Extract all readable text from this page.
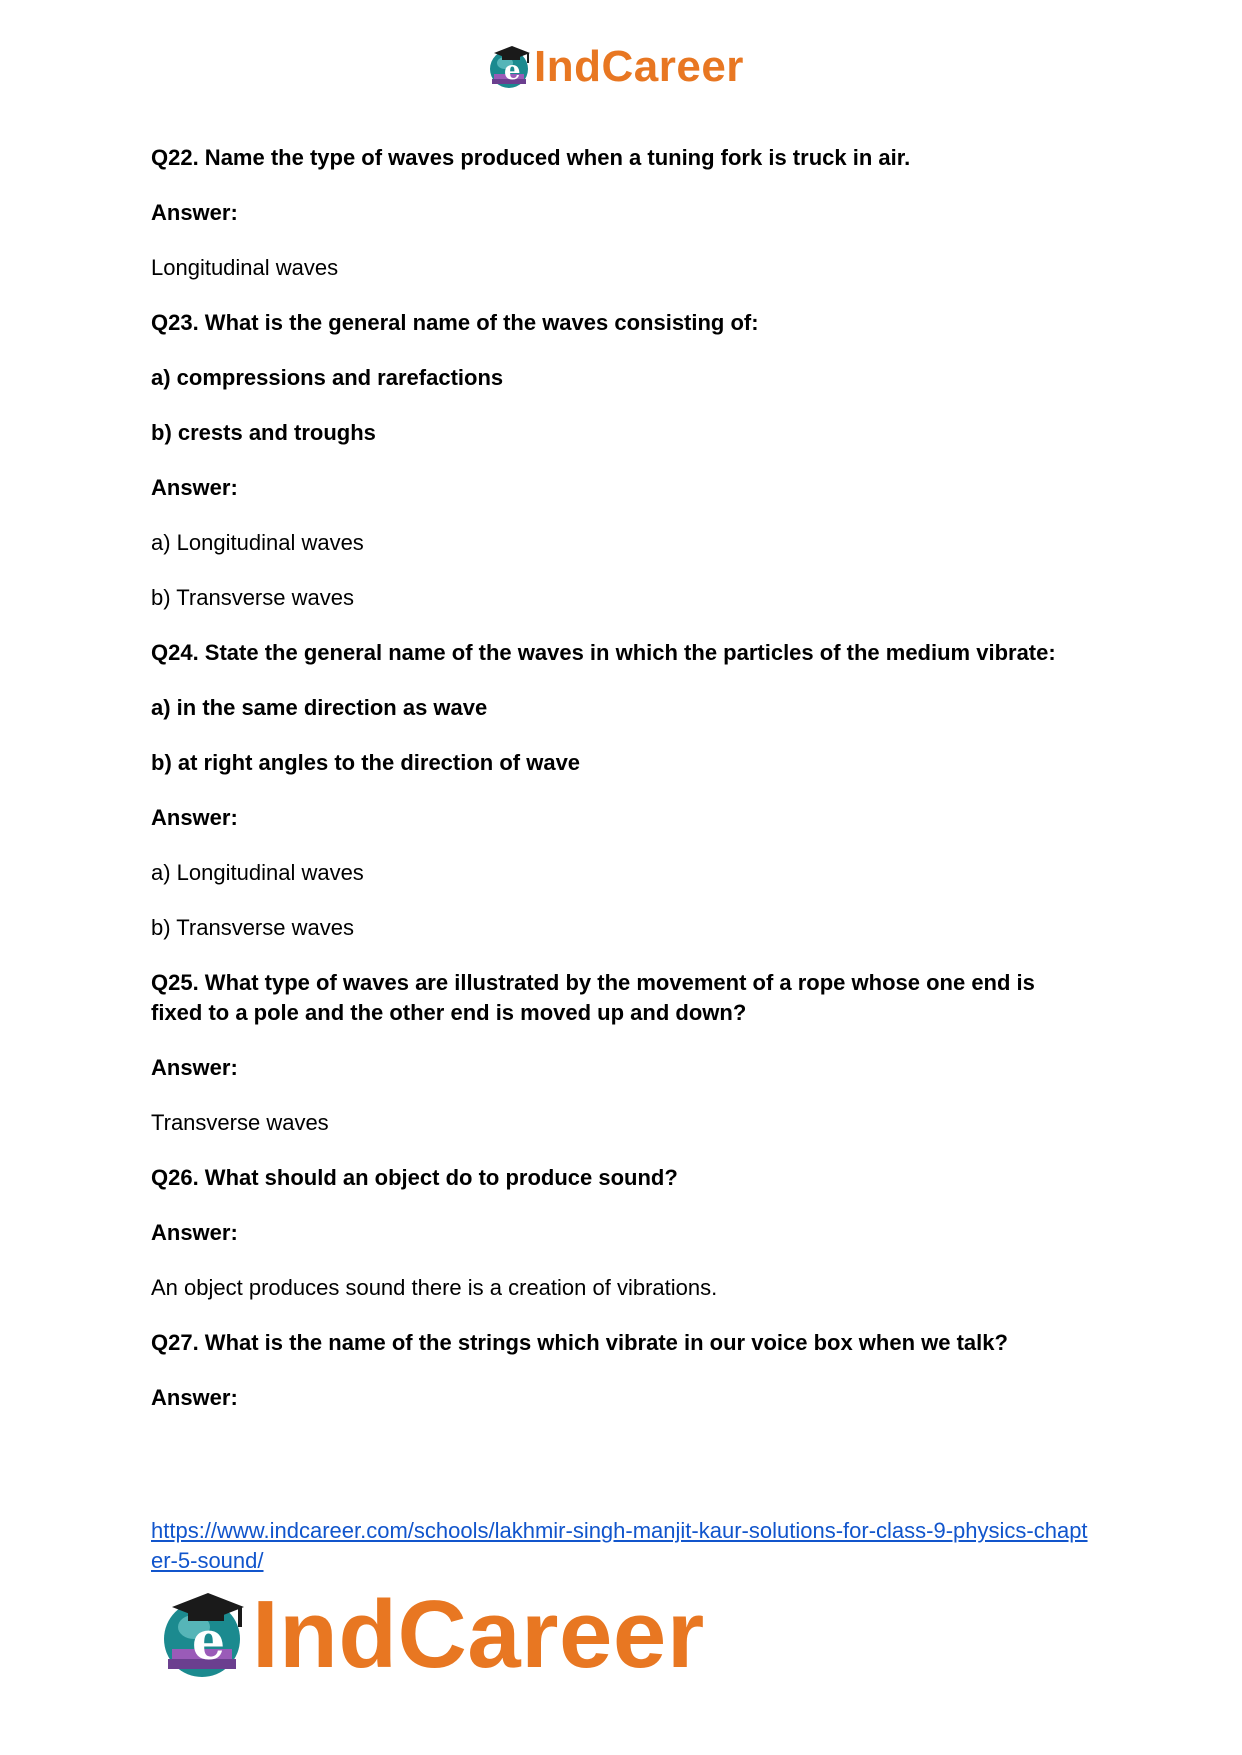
e IndCareer
Q22. Name the type of waves produced when a tuning fork is truck in air.
Answer:
Longitudinal waves
Q23. What is the general name of the waves consisting of:
a) compressions and rarefactions
b) crests and troughs
Answer:
a) Longitudinal waves
b) Transverse waves
Q24. State the general name of the waves in which the particles of the medium vibrate:
a) in the same direction as wave
b) at right angles to the direction of wave
Answer:
a) Longitudinal waves
b) Transverse waves
Q25. What type of waves are illustrated by the movement of a rope whose one end is fixed to a pole and the other end is moved up and down?
Answer:
Transverse waves
Q26. What should an object do to produce sound?
Answer:
An object produces sound there is a creation of vibrations.
Q27. What is the name of the strings which vibrate in our voice box when we talk?
Answer:
https://www.indcareer.com/schools/lakhmir-singh-manjit-kaur-solutions-for-class-9-physics-chapter-5-sound/
e IndCareer
